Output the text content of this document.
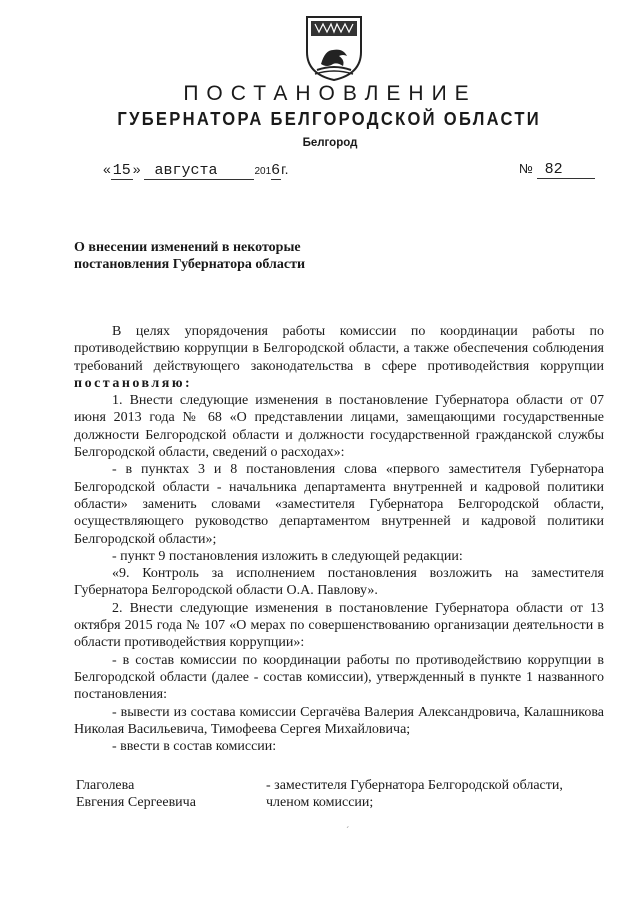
ПОСТАНОВЛЕНИЕ
ГУБЕРНАТОРА БЕЛГОРОДСКОЙ ОБЛАСТИ
Белгород
« 15 » августа	2016г.	№ 82
О внесении изменений в некоторые постановления Губернатора области

В целях упорядочения работы комиссии по координации работы по противодействию коррупции в Белгородской области, а также обеспечения соблюдения требований действующего законодательства в сфере противодействия коррупции постановляю:

1. Внести следующие изменения в постановление Губернатора области от 07 июня 2013 года № 68 «О представлении лицами, замещающими государственные должности Белгородской области и должности государственной гражданской службы Белгородской области, сведений о расходах»:

- в пунктах 3 и 8 постановления слова «первого заместителя Губернатора Белгородской области - начальника департамента внутренней и кадровой политики области» заменить словами «заместителя Губернатора Белгородской области, осуществляющего руководство департаментом внутренней и кадровой политики Белгородской области»;

- пункт 9 постановления изложить в следующей редакции:

«9. Контроль за исполнением постановления возложить на заместителя Губернатора Белгородской области О.А. Павлову».

2. Внести следующие изменения в постановление Губернатора области от 13 октября 2015 года № 107 «О мерах по совершенствованию организации деятельности в области противодействия коррупции»:

- в состав комиссии по координации работы по противодействию коррупции в Белгородской области (далее - состав комиссии), утвержденный в пункте 1 названного постановления:

- вывести из состава комиссии Сергачёва Валерия Александровича, Калашникова Николая Васильевича, Тимофеева Сергея Михайловича;

- ввести в состав комиссии:

Глаголева
Евгения Сергеевича
- заместителя Губернатора Белгородской области,
членом комиссии;
´
